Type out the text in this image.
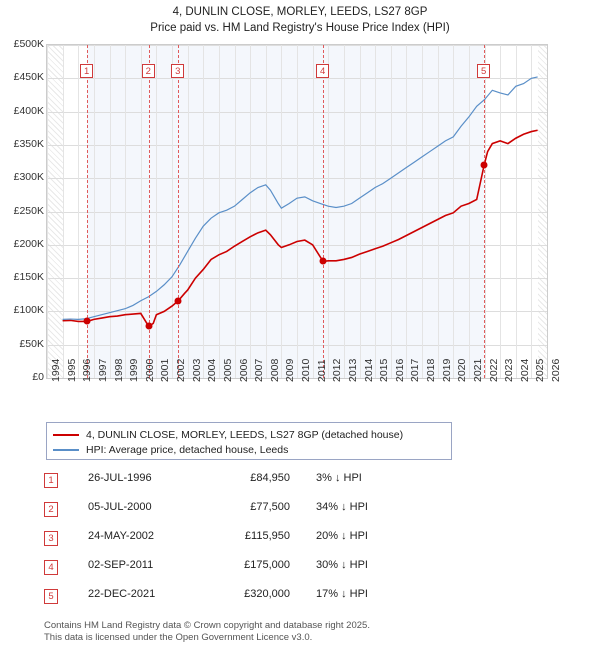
4, DUNLIN CLOSE, MORLEY, LEEDS, LS27 8GP
Price paid vs. HM Land Registry's House Price Index (HPI)
£0
£50K
£100K
£150K
£200K
£250K
£300K
£350K
£400K
£450K
£500K
1994 1995 1996 1997 1998 1999 2000 2001 2002 2003 2004 2005 2006 2007 2008 2009 2010 2011 2012 2013 2014 2015 2016 2017 2018 2019 2020 2021 2022 2023 2024 2025 2026
1	2	3	4	5
4, DUNLIN CLOSE, MORLEY, LEEDS, LS27 8GP (detached house)
HPI: Average price, detached house, Leeds
1	26-JUL-1996	£84,950 3% ↓ HPI
2	05-JUL-2000	£77,500 34% ↓ HPI
3	24-MAY-2002	£115,950 20% ↓ HPI
4	02-SEP-2011	£175,000 30% ↓ HPI
5	22-DEC-2021	£320,000 17% ↓ HPI
Contains HM Land Registry data © Crown copyright and database right 2025.
This data is licensed under the Open Government Licence v3.0.
